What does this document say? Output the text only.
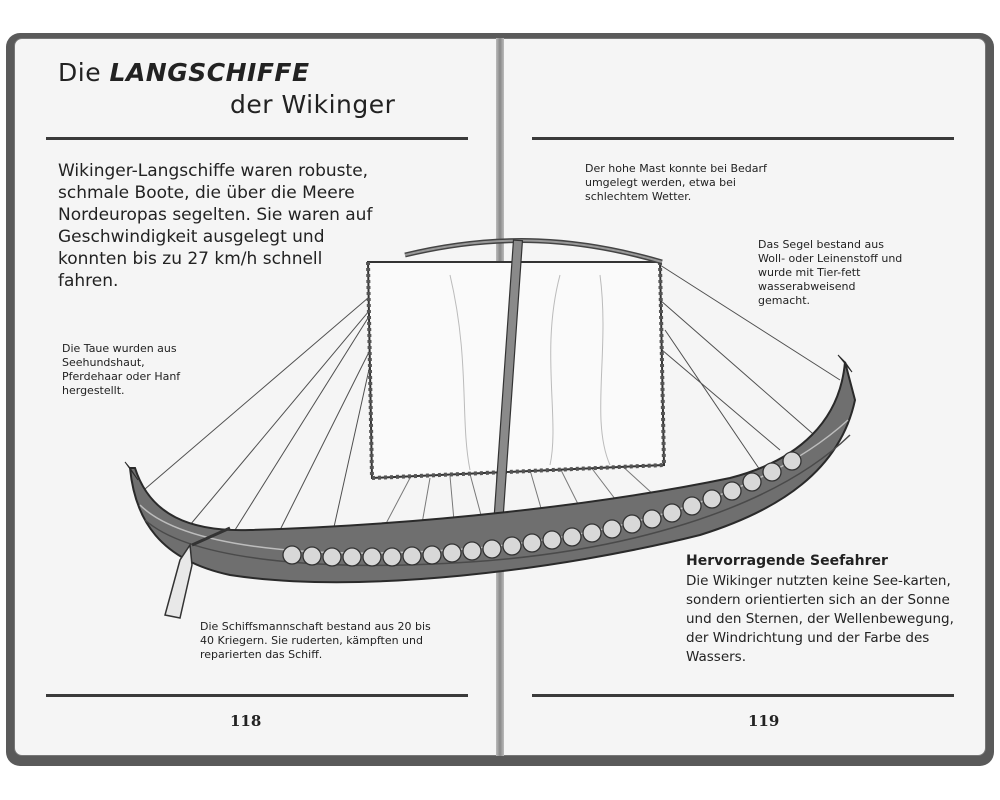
Die LANGSCHIFFE
der Wikinger

Wikinger-Langschiffe waren robuste, schmale Boote, die über die Meere Nordeuropas segelten. Sie waren auf Geschwindigkeit ausgelegt und konnten bis zu 27 km/h schnell fahren.

Die Taue wurden aus Seehundshaut, Pferdehaar oder Hanf hergestellt.

Die Schiffsmannschaft bestand aus 20 bis 40 Kriegern. Sie ruderten, kämpften und reparierten das Schiff.

Der hohe Mast konnte bei Bedarf umgelegt werden, etwa bei schlechtem Wetter.

Das Segel bestand aus Woll- oder Leinenstoff und wurde mit Tier-fett wasserabweisend gemacht.

Hervorragende Seefahrer

Die Wikinger nutzten keine See-karten, sondern orientierten sich an der Sonne und den Sternen, der Wellenbewegung, der Windrichtung und der Farbe des Wassers.

118	119
